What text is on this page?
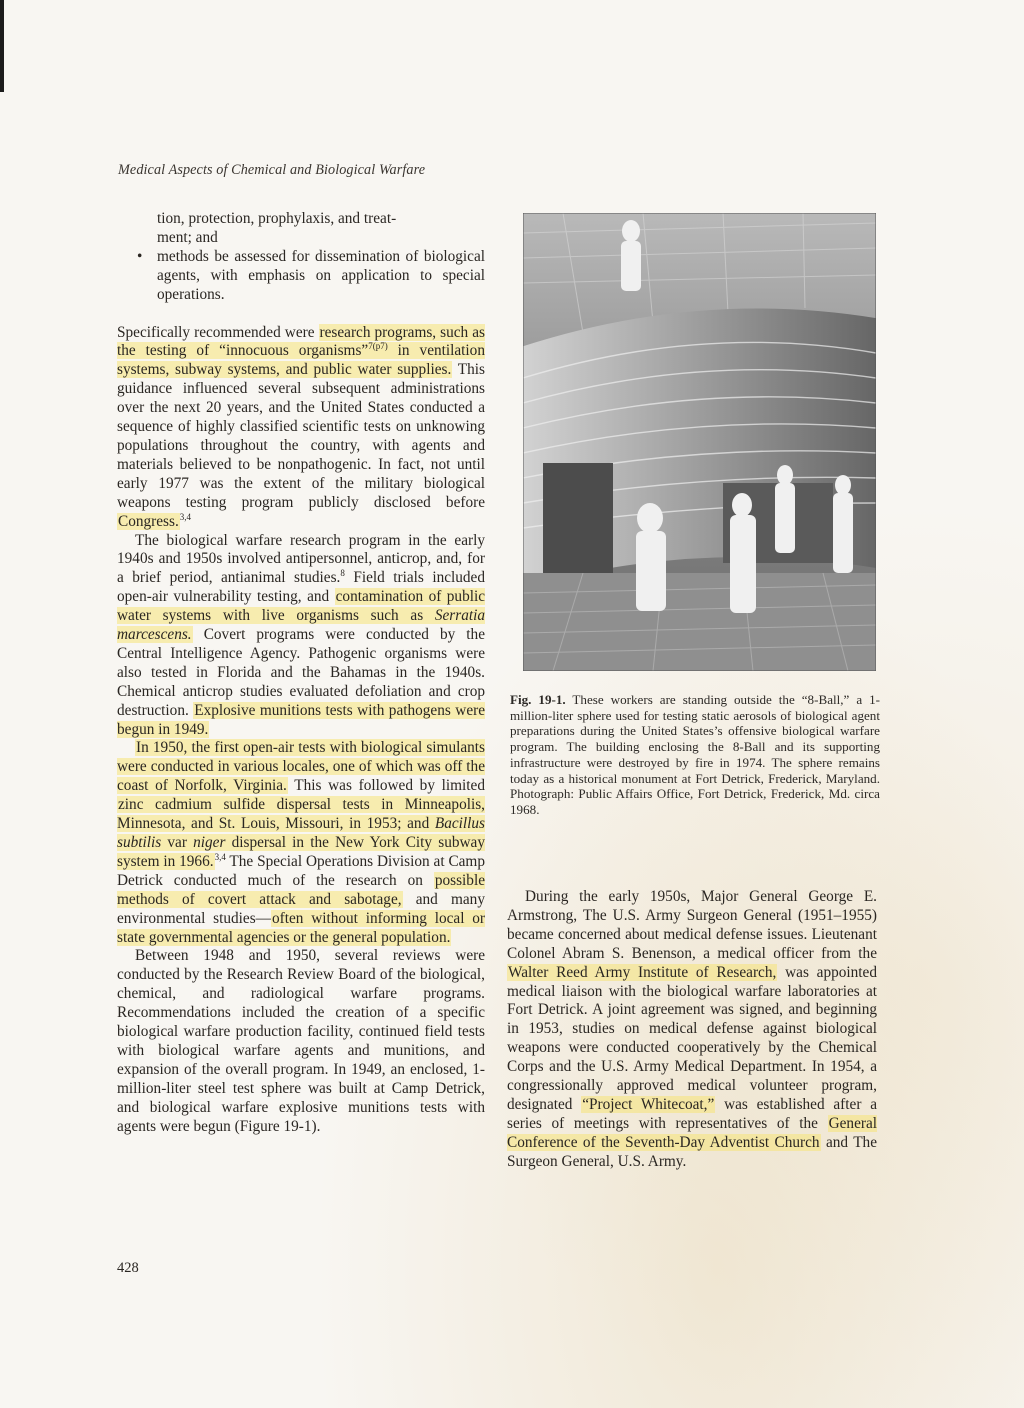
Medical Aspects of Chemical and Biological Warfare
tion, protection, prophylaxis, and treat-
ment; and
• methods be assessed for dissemination of biological agents, with emphasis on application to special operations.

Specifically recommended were research programs, such as the testing of “innocuous organisms”$^{7(p7)}$ in ventilation systems, subway systems, and public water supplies. This guidance influenced several subsequent administrations over the next 20 years, and the United States conducted a sequence of highly classified scientific tests on unknowing populations throughout the country, with agents and materials believed to be nonpathogenic. In fact, not until early 1977 was the extent of the military biological weapons testing program publicly disclosed before Congress.$^{3,4}$

The biological warfare research program in the early 1940s and 1950s involved antipersonnel, anticrop, and, for a brief period, antianimal studies.$^8$ Field trials included open-air vulnerability testing, and contamination of public water systems with live organisms such as Serratia marcescens. Covert programs were conducted by the Central Intelligence Agency. Pathogenic organisms were also tested in Florida and the Bahamas in the 1940s. Chemical anticrop studies evaluated defoliation and crop destruction. Explosive munitions tests with pathogens were begun in 1949.

In 1950, the first open-air tests with biological simulants were conducted in various locales, one of which was off the coast of Norfolk, Virginia. This was followed by limited zinc cadmium sulfide dispersal tests in Minneapolis, Minnesota, and St. Louis, Missouri, in 1953; and Bacillus subtilis var niger dispersal in the New York City subway system in 1966.$^{3,4}$ The Special Operations Division at Camp Detrick conducted much of the research on possible methods of covert attack and sabotage, and many environmental studies—often without informing local or state governmental agencies or the general population.

Between 1948 and 1950, several reviews were conducted by the Research Review Board of the biological, chemical, and radiological warfare programs. Recommendations included the creation of a specific biological warfare production facility, continued field tests with biological warfare agents and munitions, and expansion of the overall program. In 1949, an enclosed, 1-million-liter steel test sphere was built at Camp Detrick, and biological warfare explosive munitions tests with agents were begun (Figure 19-1).

Fig. 19-1. These workers are standing outside the “8-Ball,” a 1-million-liter sphere used for testing static aerosols of biological agent preparations during the United States’s offensive biological warfare program. The building enclosing the 8-Ball and its supporting infrastructure were destroyed by fire in 1974. The sphere remains today as a historical monument at Fort Detrick, Frederick, Maryland. Photograph: Public Affairs Office, Fort Detrick, Frederick, Md. circa 1968.

During the early 1950s, Major General George E. Armstrong, The U.S. Army Surgeon General (1951–1955) became concerned about medical defense issues. Lieutenant Colonel Abram S. Benenson, a medical officer from the Walter Reed Army Institute of Research, was appointed medical liaison with the biological warfare laboratories at Fort Detrick. A joint agreement was signed, and beginning in 1953, studies on medical defense against biological weapons were conducted cooperatively by the Chemical Corps and the U.S. Army Medical Department. In 1954, a congressionally approved medical volunteer program, designated “Project Whitecoat,” was established after a series of meetings with representatives of the General Conference of the Seventh-Day Adventist Church and The Surgeon General, U.S. Army.

428
